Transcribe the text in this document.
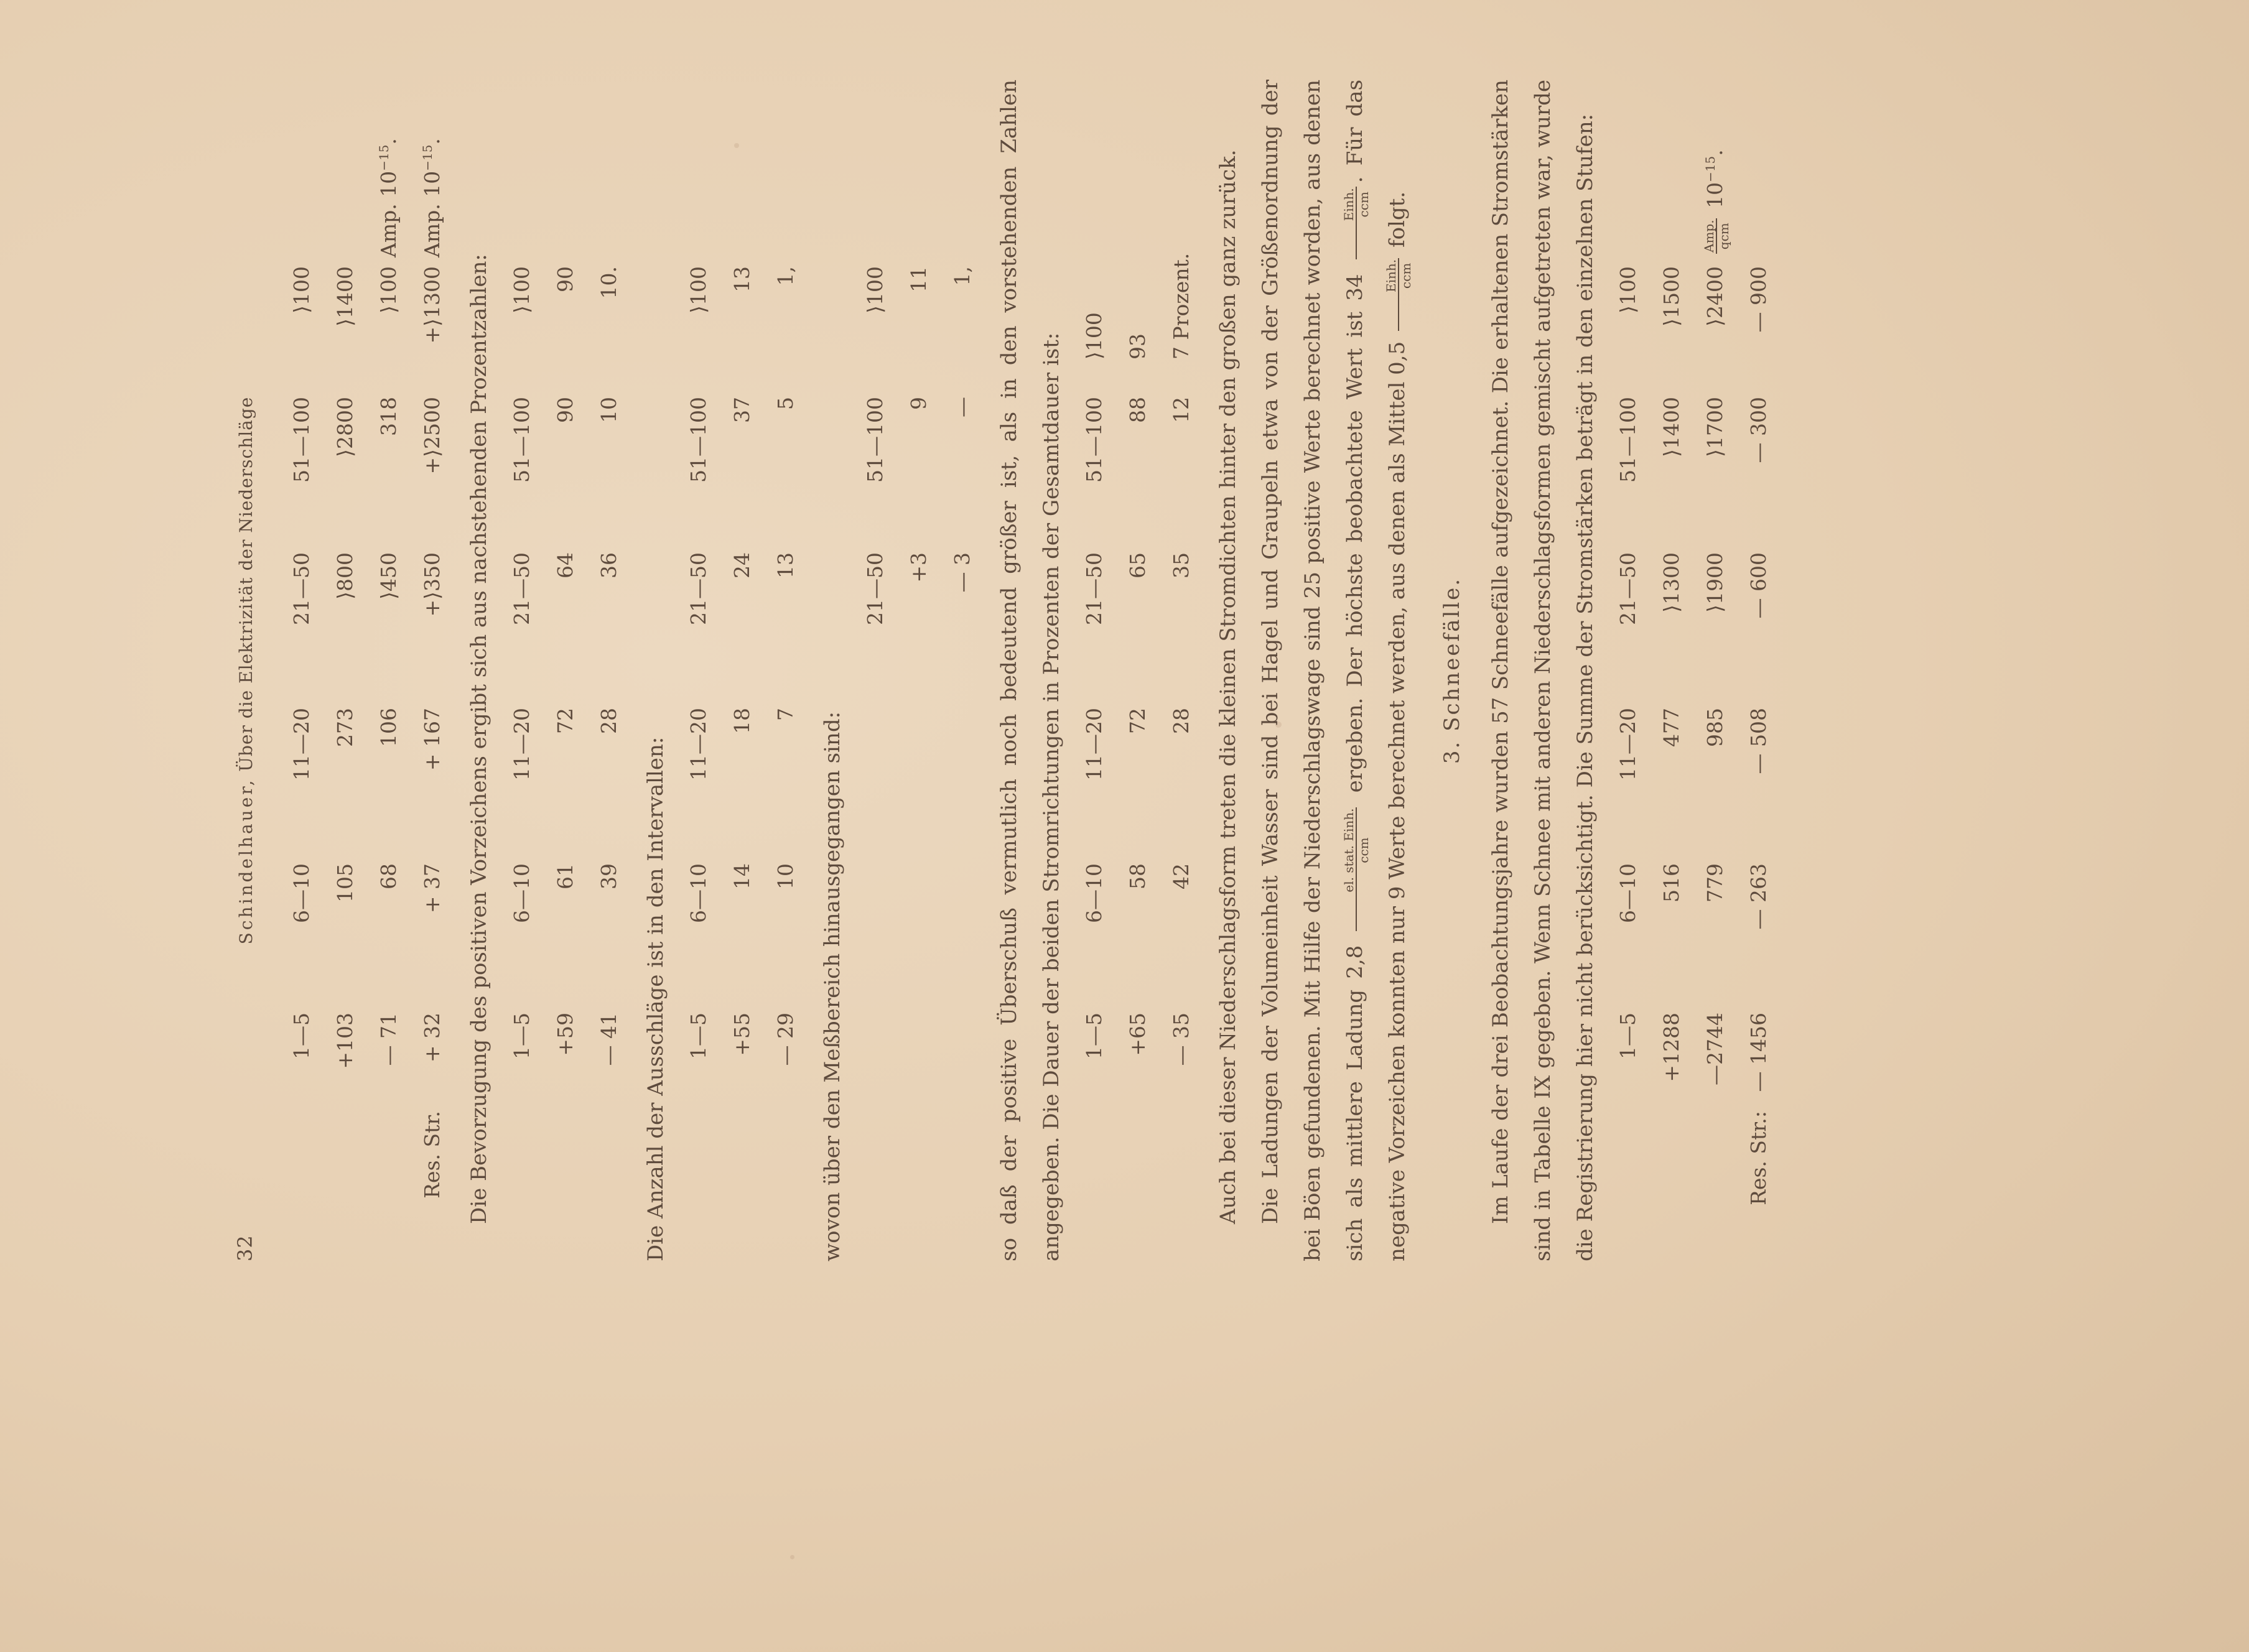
32
Schindelhauer, Über die Elektrizität der Niederschläge
	1—5	6—10	11—20	21—50	51—100	⟩100	
	+103	105	273	⟩800	⟩2800	⟩1400	
	— 71	68	106	⟩450	318	⟩100	Amp. $10^{-15}$.
Res. Str.	+ 32	+ 37	+ 167	+⟩350	+⟩2500	+⟩1300	Amp. $10^{-15}$.

Die Bevorzugung des positiven Vorzeichens ergibt sich aus nachstehenden Prozentzahlen:

	1—5	6—10	11—20	21—50	51—100	⟩100
	+59	61	72	64	90	90
	— 41	39	28	36	10	10.

Die Anzahl der Ausschläge ist in den Intervallen:

	1—5	6—10	11—20	21—50	51—100	⟩100
	+55	14	18	24	37	13
	— 29	10	7	13	5	1,

wovon über den Meßbereich hinausgegangen sind:

	21—50	51—100	⟩100
	+3	9	11
	— 3	—	1,	so daß der positive Überschuß vermutlich noch bedeutend größer ist, als in den vorstehenden Zahlen angegeben. Die Dauer der beiden Stromrichtungen in Prozenten der Gesamtdauer ist:

	1—5	6—10	11—20	21—50	51—100	⟩100
	+65	58	72	65	88	93
	— 35	42	28	35	12	7 Prozent.	Auch bei dieser Niederschlagsform treten die kleinen Stromdichten hinter den großen ganz zurück. Die Ladungen der Volumeinheit Wasser sind bei Hagel und Graupeln etwa von der Größenordnung der bei Böen gefundenen. Mit Hilfe der Niederschlagswage sind 25 positive Werte berechnet worden, aus denen sich als mittlere Ladung 2,8
el. stat. Einh. ccm
ergeben. Der höchste beobachtete Wert ist 34
Einh. ccm
. Für das negative Vorzeichen konnten nur 9 Werte berechnet werden, aus denen als Mittel 0,5
Einh. ccm
folgt.

3. Schneefälle.	Im Laufe der drei Beobachtungsjahre wurden 57 Schneefälle aufgezeichnet. Die erhaltenen Stromstärken sind in Tabelle IX gegeben. Wenn Schnee mit anderen Niederschlagsformen gemischt aufgetreten war, wurde die Registrierung hier nicht berücksichtigt. Die Summe der Stromstärken beträgt in den einzelnen Stufen:

	1—5	6—10	11—20	21—50	51—100	⟩100	
	+1288	516	477	⟩1300	⟩1400	⟩1500	
	—2744	779	985	⟩1900	⟩1700	⟩2400	Amp. qcm
$10^{-15}$.
Res. Str.:	— 1456	— 263	— 508	— 600	— 300	— 900	
